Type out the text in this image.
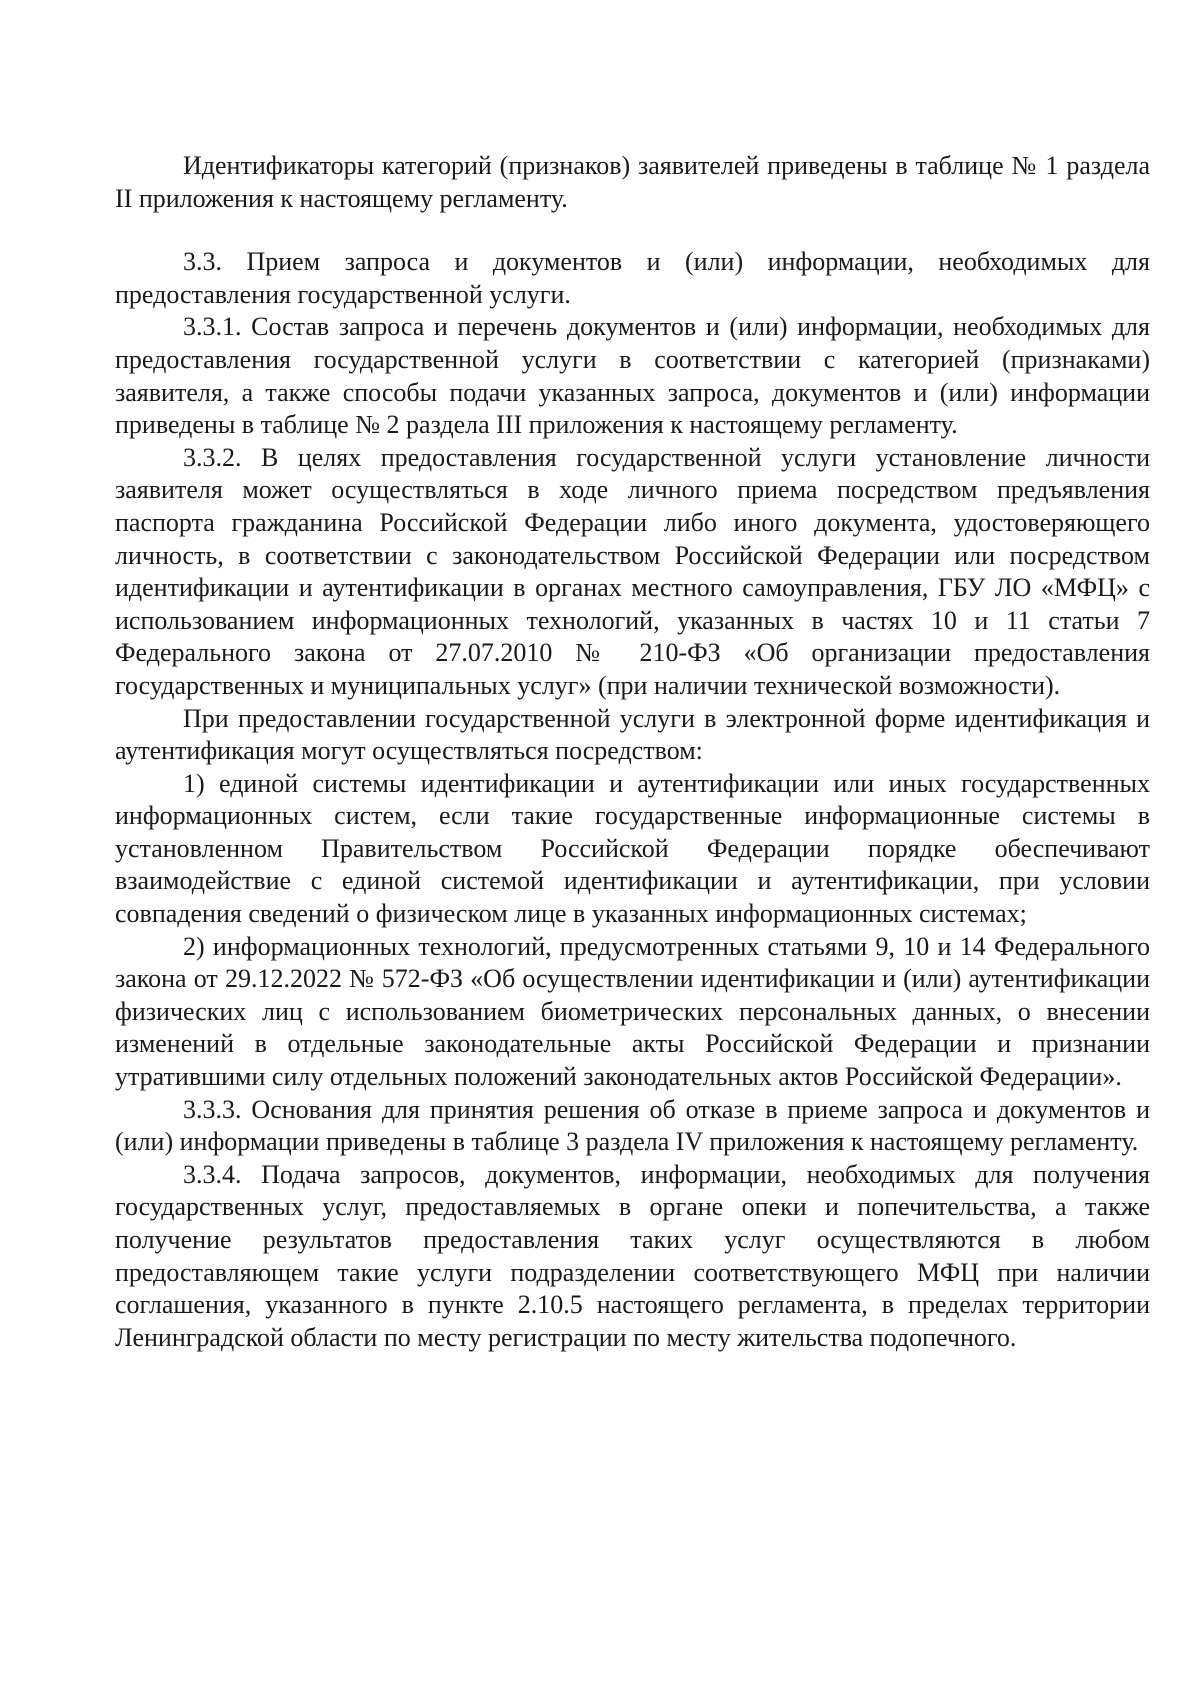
Идентификаторы категорий (признаков) заявителей приведены в таблице № 1 раздела II приложения к настоящему регламенту.

3.3. Прием запроса и документов и (или) информации, необходимых для предоставления государственной услуги.

3.3.1. Состав запроса и перечень документов и (или) информации, необходимых для предоставления государственной услуги в соответствии с категорией (признаками) заявителя, а также способы подачи указанных запроса, документов и (или) информации приведены в таблице № 2 раздела III приложения к настоящему регламенту.

3.3.2. В целях предоставления государственной услуги установление личности заявителя может осуществляться в ходе личного приема посредством предъявления паспорта гражданина Российской Федерации либо иного документа, удостоверяющего личность, в соответствии с законодательством Российской Федерации или посредством идентификации и аутентификации в органах местного самоуправления, ГБУ ЛО «МФЦ» с использованием информационных технологий, указанных в частях 10 и 11 статьи 7 Федерального закона от 27.07.2010 № 210-ФЗ «Об организации предоставления государственных и муниципальных услуг» (при наличии технической возможности).

При предоставлении государственной услуги в электронной форме идентификация и аутентификация могут осуществляться посредством:

1) единой системы идентификации и аутентификации или иных государственных информационных систем, если такие государственные информационные системы в установленном Правительством Российской Федерации порядке обеспечивают взаимодействие с единой системой идентификации и аутентификации, при условии совпадения сведений о физическом лице в указанных информационных системах;

2) информационных технологий, предусмотренных статьями 9, 10 и 14 Федерального закона от 29.12.2022 № 572-ФЗ «Об осуществлении идентификации и (или) аутентификации физических лиц с использованием биометрических персональных данных, о внесении изменений в отдельные законодательные акты Российской Федерации и признании утратившими силу отдельных положений законодательных актов Российской Федерации».

3.3.3. Основания для принятия решения об отказе в приеме запроса и документов и (или) информации приведены в таблице 3 раздела IV приложения к настоящему регламенту.

3.3.4. Подача запросов, документов, информации, необходимых для получения государственных услуг, предоставляемых в органе опеки и попечительства, а также получение результатов предоставления таких услуг осуществляются в любом предоставляющем такие услуги подразделении соответствующего МФЦ при наличии соглашения, указанного в пункте 2.10.5 настоящего регламента, в пределах территории Ленинградской области по месту регистрации по месту жительства подопечного.
